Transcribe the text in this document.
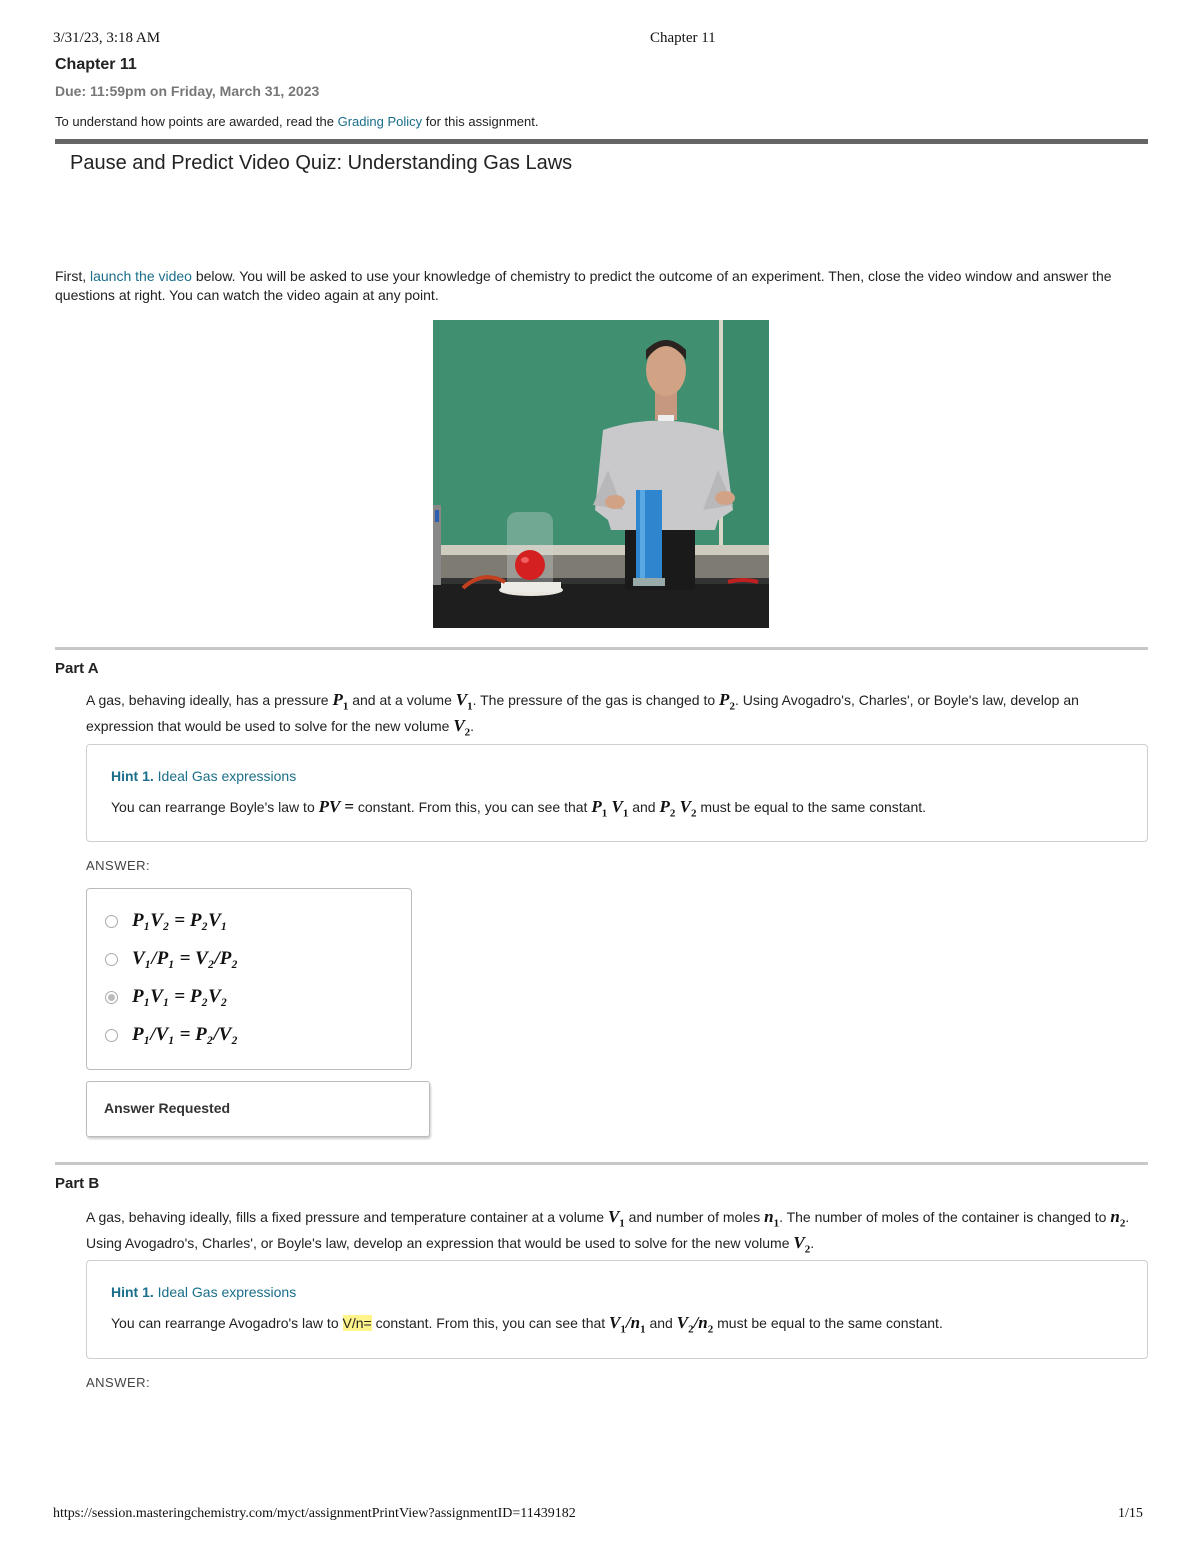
3/31/23, 3:18 AM	Chapter 11
Chapter 11
Due: 11:59pm on Friday, March 31, 2023
To understand how points are awarded, read the Grading Policy for this assignment.
Pause and Predict Video Quiz: Understanding Gas Laws
First, launch the video below. You will be asked to use your knowledge of chemistry to predict the outcome of an experiment. Then, close the video window and answer the questions at right. You can watch the video again at any point.
Part A
A gas, behaving ideally, has a pressure $P_1$ and at a volume $V_1$. The pressure of the gas is changed to $P_2$. Using Avogadro's, Charles', or Boyle's law, develop an expression that would be used to solve for the new volume $V_2$.
Hint 1. Ideal Gas expressions
You can rearrange Boyle's law to PV = constant. From this, you can see that $P_1$ $V_1$ and $P_2$ $V_2$ must be equal to the same constant.
ANSWER:
P₁V₂ = P₂V₁
V₁/P₁ = V₂/P₂
P₁V₁ = P₂V₂
P₁/V₁ = P₂/V₂
Answer Requested
Part B
A gas, behaving ideally, fills a fixed pressure and temperature container at a volume $V_1$ and number of moles $n_1$. The number of moles of the container is changed to $n_2$. Using Avogadro's, Charles', or Boyle's law, develop an expression that would be used to solve for the new volume $V_2$.
Hint 1. Ideal Gas expressions
You can rearrange Avogadro's law to V/n= constant. From this, you can see that $V_1/n_1$ and $V_2/n_2$ must be equal to the same constant.
ANSWER:
https://session.masteringchemistry.com/myct/assignmentPrintView?assignmentID=11439182	1/15
